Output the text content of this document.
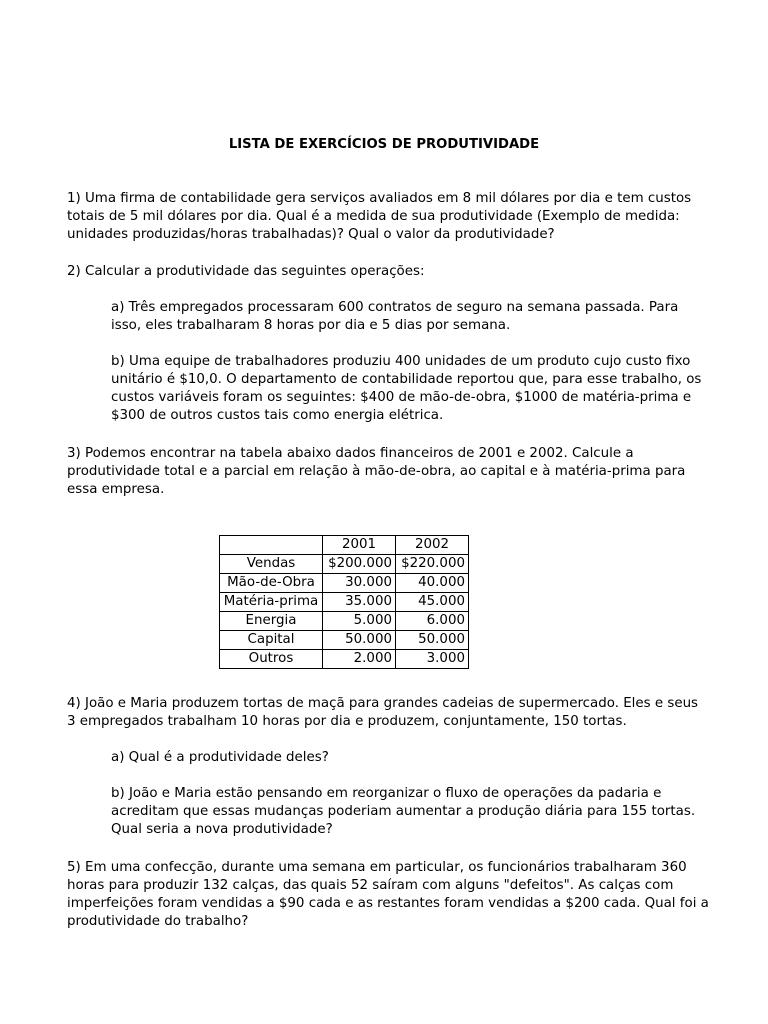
LISTA DE EXERCÍCIOS DE PRODUTIVIDADE
1) Uma firma de contabilidade gera serviços avaliados em 8 mil dólares por dia e tem custos
totais de 5 mil dólares por dia. Qual é a medida de sua produtividade (Exemplo de medida:
unidades produzidas/horas trabalhadas)? Qual o valor da produtividade?
2) Calcular a produtividade das seguintes operações:
a) Três empregados processaram 600 contratos de seguro na semana passada. Para
isso, eles trabalharam 8 horas por dia e 5 dias por semana.
b) Uma equipe de trabalhadores produziu 400 unidades de um produto cujo custo fixo
unitário é $10,0. O departamento de contabilidade reportou que, para esse trabalho, os
custos variáveis foram os seguintes: $400 de mão-de-obra, $1000 de matéria-prima e
$300 de outros custos tais como energia elétrica.
3) Podemos encontrar na tabela abaixo dados financeiros de 2001 e 2002. Calcule a
produtividade total e a parcial em relação à mão-de-obra, ao capital e à matéria-prima para
essa empresa.
	2001	2002
Vendas	$200.000	$220.000
Mão-de-Obra	30.000	40.000
Matéria-prima	35.000	45.000
Energia	5.000	6.000
Capital	50.000	50.000
Outros	2.000	3.000
4) João e Maria produzem tortas de maçã para grandes cadeias de supermercado. Eles e seus
3 empregados trabalham 10 horas por dia e produzem, conjuntamente, 150 tortas.
a) Qual é a produtividade deles?
b) João e Maria estão pensando em reorganizar o fluxo de operações da padaria e
acreditam que essas mudanças poderiam aumentar a produção diária para 155 tortas.
Qual seria a nova produtividade?
5) Em uma confecção, durante uma semana em particular, os funcionários trabalharam 360
horas para produzir 132 calças, das quais 52 saíram com alguns "defeitos". As calças com
imperfeições foram vendidas a $90 cada e as restantes foram vendidas a $200 cada. Qual foi a
produtividade do trabalho?
